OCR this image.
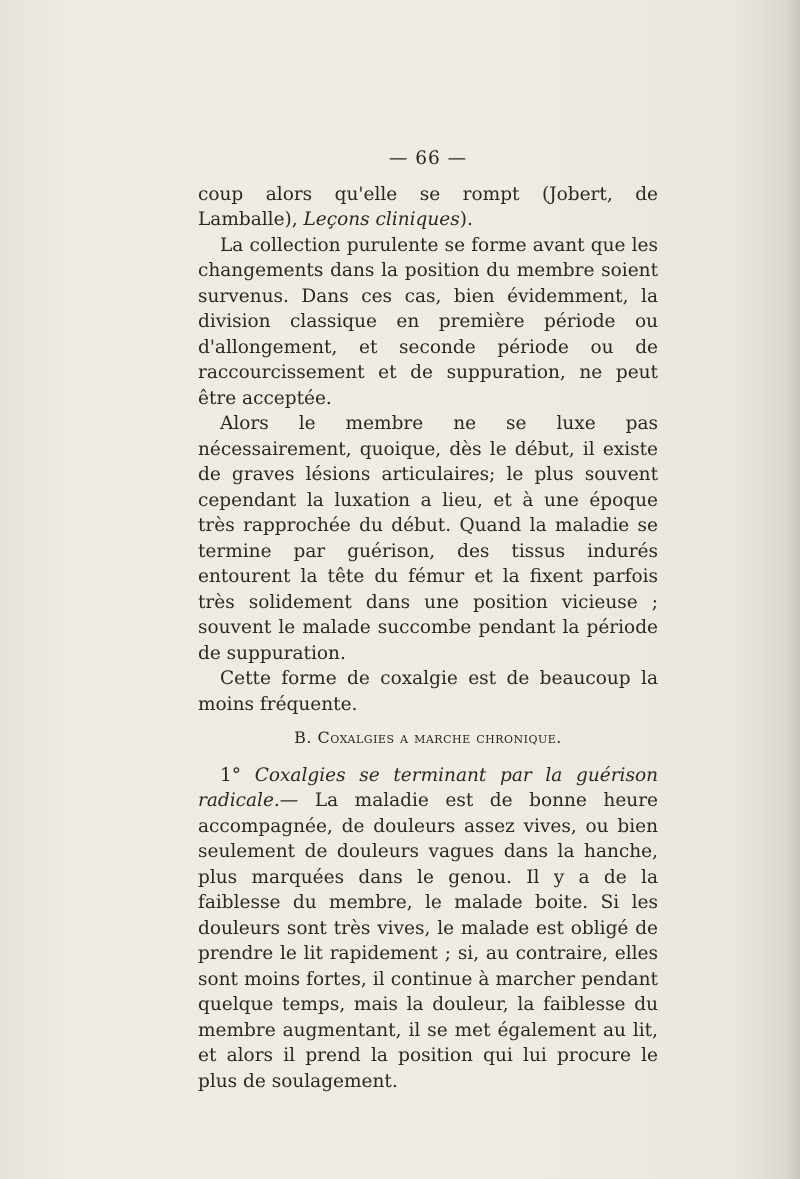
— 66 —

coup alors qu'elle se rompt (Jobert, de Lamballe), Leçons cliniques).

La collection purulente se forme avant que les changements dans la position du membre soient survenus. Dans ces cas, bien évidemment, la division classique en première période ou d'allongement, et seconde période ou de raccourcissement et de suppuration, ne peut être acceptée.

Alors le membre ne se luxe pas nécessairement, quoique, dès le début, il existe de graves lésions articulaires; le plus souvent cependant la luxation a lieu, et à une époque très rapprochée du début. Quand la maladie se termine par guérison, des tissus indurés entourent la tête du fémur et la fixent parfois très solidement dans une position vicieuse ; souvent le malade succombe pendant la période de suppuration.

Cette forme de coxalgie est de beaucoup la moins fréquente.

B. Coxalgies a marche chronique.

1° Coxalgies se terminant par la guérison radicale.— La maladie est de bonne heure accompagnée, de douleurs assez vives, ou bien seulement de douleurs vagues dans la hanche, plus marquées dans le genou. Il y a de la faiblesse du membre, le malade boite. Si les douleurs sont très vives, le malade est obligé de prendre le lit rapidement ; si, au contraire, elles sont moins fortes, il continue à marcher pendant quelque temps, mais la douleur, la faiblesse du membre augmentant, il se met également au lit, et alors il prend la position qui lui procure le plus de soulagement.
